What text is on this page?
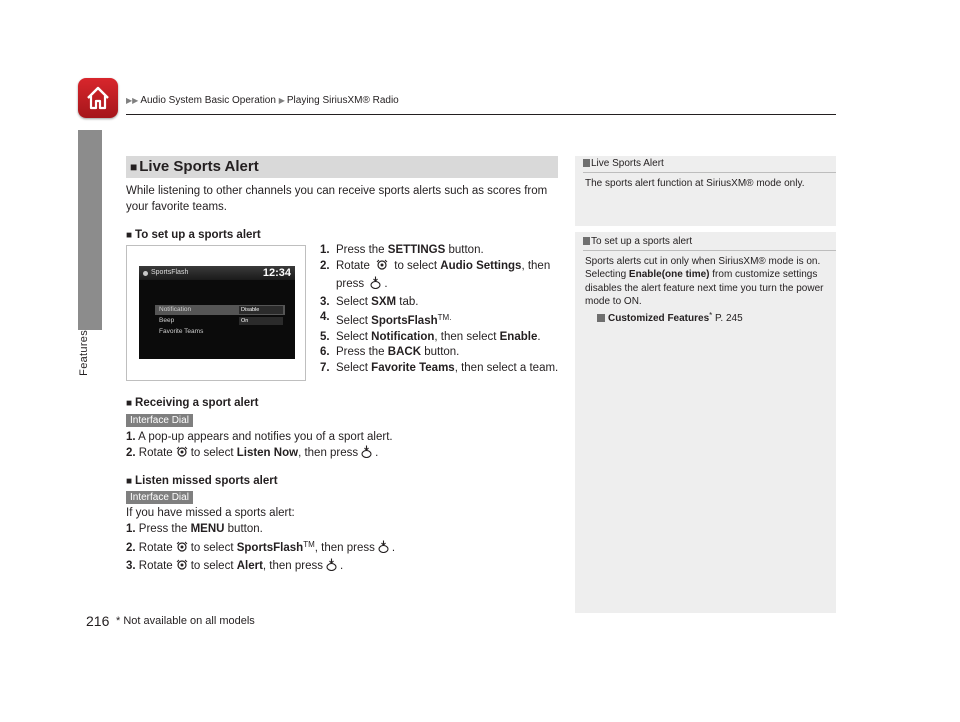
Features
▶▶ Audio System Basic Operation ▶ Playing SiriusXM® Radio
■ Live Sports Alert
While listening to other channels you can receive sports alerts such as scores from your favorite teams.
■ To set up a sports alert
SportsFlash	12:34
Notification	Disable
Beep	On
Favorite Teams
1. Press the SETTINGS button.
2. Rotate  to select Audio Settings, then press .
3. Select SXM tab.
4. Select SportsFlash$^{TM.}$
5. Select Notification, then select Enable.
6. Press the BACK button.
7. Select Favorite Teams, then select a team.
■ Receiving a sport alert
Interface Dial
1. A pop-up appears and notifies you of a sport alert.
2. Rotate to select Listen Now, then press .
■ Listen missed sports alert
Interface Dial
If you have missed a sports alert:
1. Press the MENU button.
2. Rotate to select SportsFlash™, then press .
3. Rotate to select Alert, then press .
Live Sports Alert
The sports alert function at SiriusXM® mode only.
To set up a sports alert
Sports alerts cut in only when SiriusXM® mode is on. Selecting Enable(one time) from customize settings disables the alert feature next time you turn the power mode to ON.
Customized Features* P. 245
216 * Not available on all models
